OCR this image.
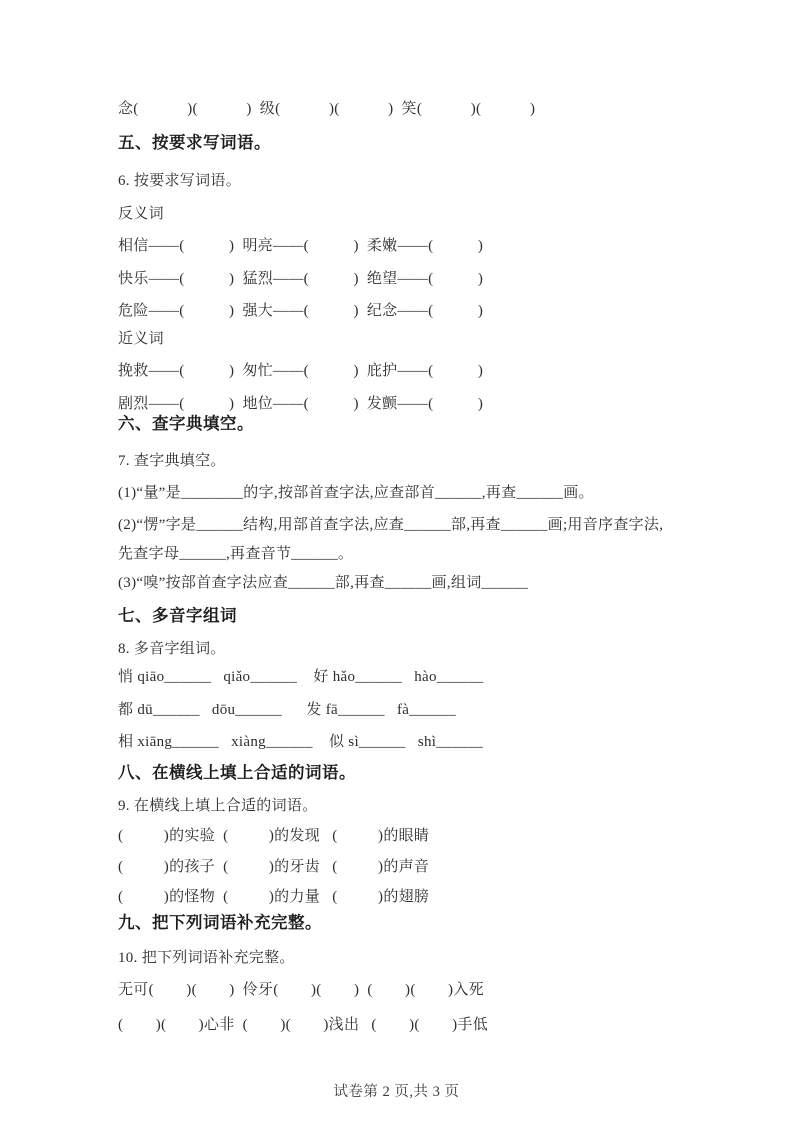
念(            )(            )  级(            )(            )  笑(            )(            )
五、按要求写词语。
6. 按要求写词语。
反义词
相信——(           )  明亮——(           )  柔嫩——(           )
快乐——(           )  猛烈——(           )  绝望——(           )
危险——(           )  强大——(           )  纪念——(           )
近义词
挽救——(           )  匆忙——(           )  庇护——(           )
剧烈——(           )  地位——(           )  发颤——(           )
六、查字典填空。
7. 查字典填空。
(1)“量”是________的字,按部首查字法,应查部首______,再查______画。
(2)“愣”字是______结构,用部首查字法,应查______部,再查______画;用音序查字法,
先查字母______,再查音节______。
(3)“嗅”按部首查字法应查______部,再查______画,组词______
七、多音字组词
8. 多音字组词。
悄 qiāo______   qiǎo______    好 hǎo______   hào______
都 dū______   dōu______      发 fā______   fà______
相 xiāng______   xiàng______    似 sì______   shì______
八、在横线上填上合适的词语。
9. 在横线上填上合适的词语。
(          )的实验  (          )的发现   (          )的眼睛
(          )的孩子  (          )的牙齿   (          )的声音
(          )的怪物  (          )的力量   (          )的翅膀
九、把下列词语补充完整。
10. 把下列词语补充完整。
无可(        )(        )  伶牙(        )(        )  (        )(        )入死
(        )(        )心非  (        )(        )浅出   (        )(        )手低
试卷第 2 页,共 3 页
